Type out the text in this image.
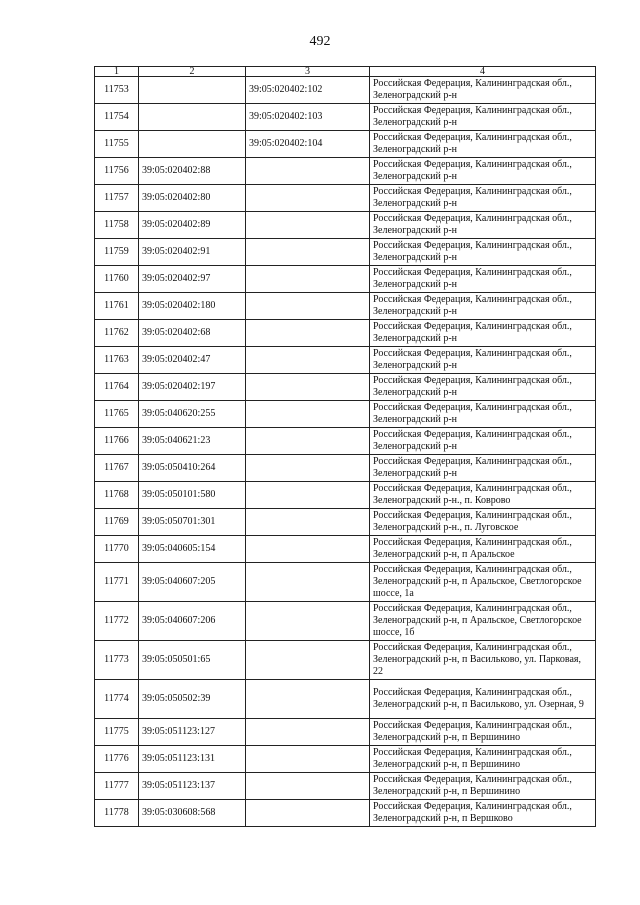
492
1	2	3	4
11753		39:05:020402:102	Российская Федерация, Калининградская обл., Зеленоградский р-н
11754		39:05:020402:103	Российская Федерация, Калининградская обл., Зеленоградский р-н
11755		39:05:020402:104	Российская Федерация, Калининградская обл., Зеленоградский р-н
11756	39:05:020402:88		Российская Федерация, Калининградская обл., Зеленоградский р-н
11757	39:05:020402:80		Российская Федерация, Калининградская обл., Зеленоградский р-н
11758	39:05:020402:89		Российская Федерация, Калининградская обл., Зеленоградский р-н
11759	39:05:020402:91		Российская Федерация, Калининградская обл., Зеленоградский р-н
11760	39:05:020402:97		Российская Федерация, Калининградская обл., Зеленоградский р-н
11761	39:05:020402:180		Российская Федерация, Калининградская обл., Зеленоградский р-н
11762	39:05:020402:68		Российская Федерация, Калининградская обл., Зеленоградский р-н
11763	39:05:020402:47		Российская Федерация, Калининградская обл., Зеленоградский р-н
11764	39:05:020402:197		Российская Федерация, Калининградская обл., Зеленоградский р-н
11765	39:05:040620:255		Российская Федерация, Калининградская обл., Зеленоградский р-н
11766	39:05:040621:23		Российская Федерация, Калининградская обл., Зеленоградский р-н
11767	39:05:050410:264		Российская Федерация, Калининградская обл., Зеленоградский р-н
11768	39:05:050101:580		Российская Федерация, Калининградская обл., Зеленоградский р-н., п. Коврово
11769	39:05:050701:301		Российская Федерация, Калининградская обл., Зеленоградский р-н., п. Луговское
11770	39:05:040605:154		Российская Федерация, Калининградская обл., Зеленоградский р-н, п Аральское
11771	39:05:040607:205		Российская Федерация, Калининградская обл., Зеленоградский р-н, п Аральское, Светлогорское шоссе, 1а
11772	39:05:040607:206		Российская Федерация, Калининградская обл., Зеленоградский р-н, п Аральское, Светлогорское шоссе, 1б
11773	39:05:050501:65		Российская Федерация, Калининградская обл., Зеленоградский р-н, п Васильково, ул. Парковая, 22
11774	39:05:050502:39		Российская Федерация, Калининградская обл., Зеленоградский р-н, п Васильково, ул. Озерная, 9
11775	39:05:051123:127		Российская Федерация, Калининградская обл., Зеленоградский р-н, п Вершинино
11776	39:05:051123:131		Российская Федерация, Калининградская обл., Зеленоградский р-н, п Вершинино
11777	39:05:051123:137		Российская Федерация, Калининградская обл., Зеленоградский р-н, п Вершинино
11778	39:05:030608:568		Российская Федерация, Калининградская обл., Зеленоградский р-н, п Вершково
